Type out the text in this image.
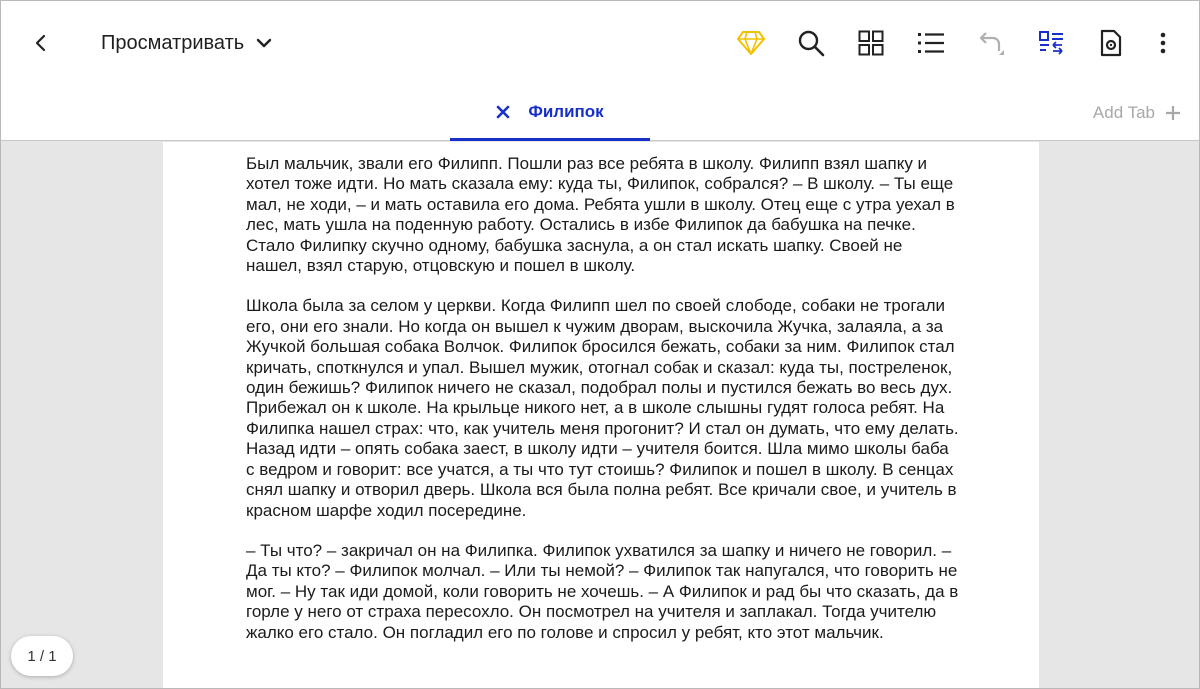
Просматривать
Филипок	Add Tab

Был мальчик, звали его Филипп. Пошли раз все ребята в школу. Филипп взял шапку и хотел тоже идти. Но мать сказала ему: куда ты, Филипок, собрался? – В школу. – Ты еще мал, не ходи, – и мать оставила его дома. Ребята ушли в школу. Отец еще с утра уехал в лес, мать ушла на поденную работу. Остались в избе Филипок да бабушка на печке. Стало Филипку скучно одному, бабушка заснула, а он стал искать шапку. Своей не нашел, взял старую, отцовскую и пошел в школу.

Школа была за селом у церкви. Когда Филипп шел по своей слободе, собаки не трогали его, они его знали. Но когда он вышел к чужим дворам, выскочила Жучка, залаяла, а за Жучкой большая собака Волчок. Филипок бросился бежать, собаки за ним. Филипок стал кричать, споткнулся и упал. Вышел мужик, отогнал собак и сказал: куда ты, постреленок, один бежишь? Филипок ничего не сказал, подобрал полы и пустился бежать во весь дух. Прибежал он к школе. На крыльце никого нет, а в школе слышны гудят голоса ребят. На Филипка нашел страх: что, как учитель меня прогонит? И стал он думать, что ему делать. Назад идти – опять собака заест, в школу идти – учителя боится. Шла мимо школы баба с ведром и говорит: все учатся, а ты что тут стоишь? Филипок и пошел в школу. В сенцах снял шапку и отворил дверь. Школа вся была полна ребят. Все кричали свое, и учитель в красном шарфе ходил посередине.

– Ты что? – закричал он на Филипка. Филипок ухватился за шапку и ничего не говорил. – Да ты кто? – Филипок молчал. – Или ты немой? – Филипок так напугался, что говорить не мог. – Ну так иди домой, коли говорить не хочешь. – А Филипок и рад бы что сказать, да в горле у него от страха пересохло. Он посмотрел на учителя и заплакал. Тогда учителю жалко его стало. Он погладил его по голове и спросил у ребят, кто этот мальчик.

1 / 1
